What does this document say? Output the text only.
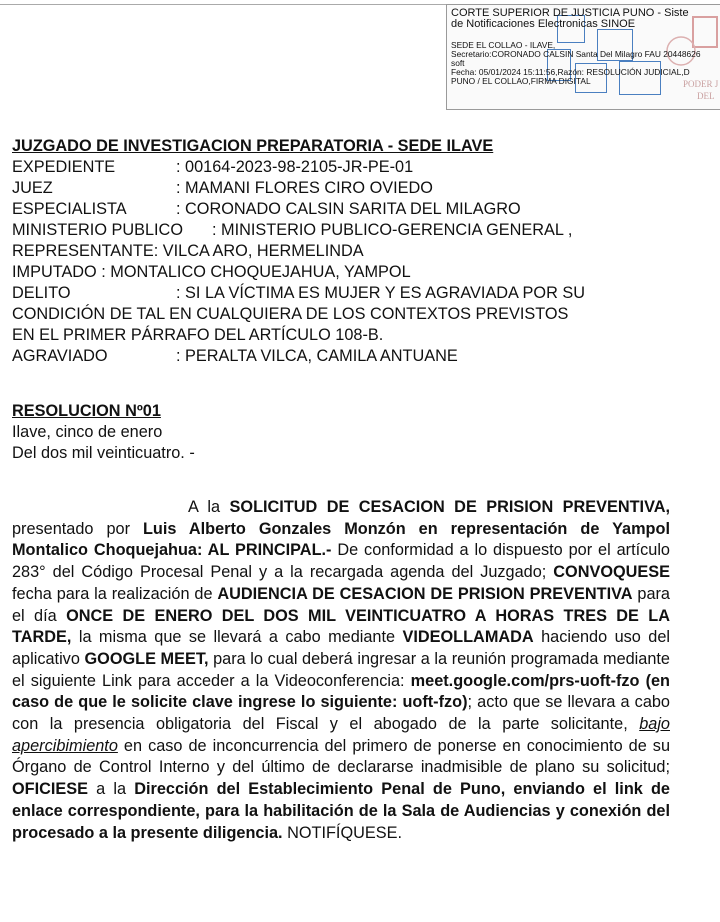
PODER J
DEL
CORTE SUPERIOR DE JUSTICIA PUNO - Siste
de Notificaciones Electronicas SINOE
SEDE EL COLLAO - ILAVE,
Secretario:CORONADO CALSIN Santa Del Milagro FAU 20448626
soft
Fecha: 05/01/2024 15:11:56,Razón: RESOLUCIÓN JUDICIAL,D
PUNO / EL COLLAO,FIRMA DIGITAL

JUZGADO DE INVESTIGACION PREPARATORIA - SEDE ILAVE

EXPEDIENTE	: 00164-2023-98-2105-JR-PE-01
JUEZ	: MAMANI FLORES CIRO OVIEDO
ESPECIALISTA	: CORONADO CALSIN SARITA DEL MILAGRO
MINISTERIO PUBLICO	: MINISTERIO PUBLICO-GERENCIA GENERAL ,
REPRESENTANTE: VILCA ARO, HERMELINDA
IMPUTADO : MONTALICO CHOQUEJAHUA, YAMPOL
DELITO	: SI LA VÍCTIMA ES MUJER Y ES AGRAVIADA POR SU
CONDICIÓN DE TAL EN CUALQUIERA DE LOS CONTEXTOS PREVISTOS
EN EL PRIMER PÁRRAFO DEL ARTÍCULO 108-B.
AGRAVIADO	: PERALTA VILCA, CAMILA ANTUANE
RESOLUCION Nº01
Ilave, cinco de enero
Del dos mil veinticuatro. -
A la SOLICITUD DE CESACION DE PRISION PREVENTIVA, presentado por Luis Alberto Gonzales Monzón en representación de Yampol Montalico Choquejahua: AL PRINCIPAL.- De conformidad a lo dispuesto por el artículo 283° del Código Procesal Penal y a la recargada agenda del Juzgado; CONVOQUESE fecha para la realización de AUDIENCIA DE CESACION DE PRISION PREVENTIVA para el día ONCE DE ENERO DEL DOS MIL VEINTICUATRO A HORAS TRES DE LA TARDE, la misma que se llevará a cabo mediante VIDEOLLAMADA haciendo uso del aplicativo GOOGLE MEET, para lo cual deberá ingresar a la reunión programada mediante el siguiente Link para acceder a la Videoconferencia: meet.google.com/prs-uoft-fzo (en caso de que le solicite clave ingrese lo siguiente: uoft-fzo); acto que se llevara a cabo con la presencia obligatoria del Fiscal y el abogado de la parte solicitante, bajo apercibimiento en caso de inconcurrencia del primero de ponerse en conocimiento de su Órgano de Control Interno y del último de declararse inadmisible de plano su solicitud; OFICIESE a la Dirección del Establecimiento Penal de Puno, enviando el link de enlace correspondiente, para la habilitación de la Sala de Audiencias y conexión del procesado a la presente diligencia. NOTIFÍQUESE.
